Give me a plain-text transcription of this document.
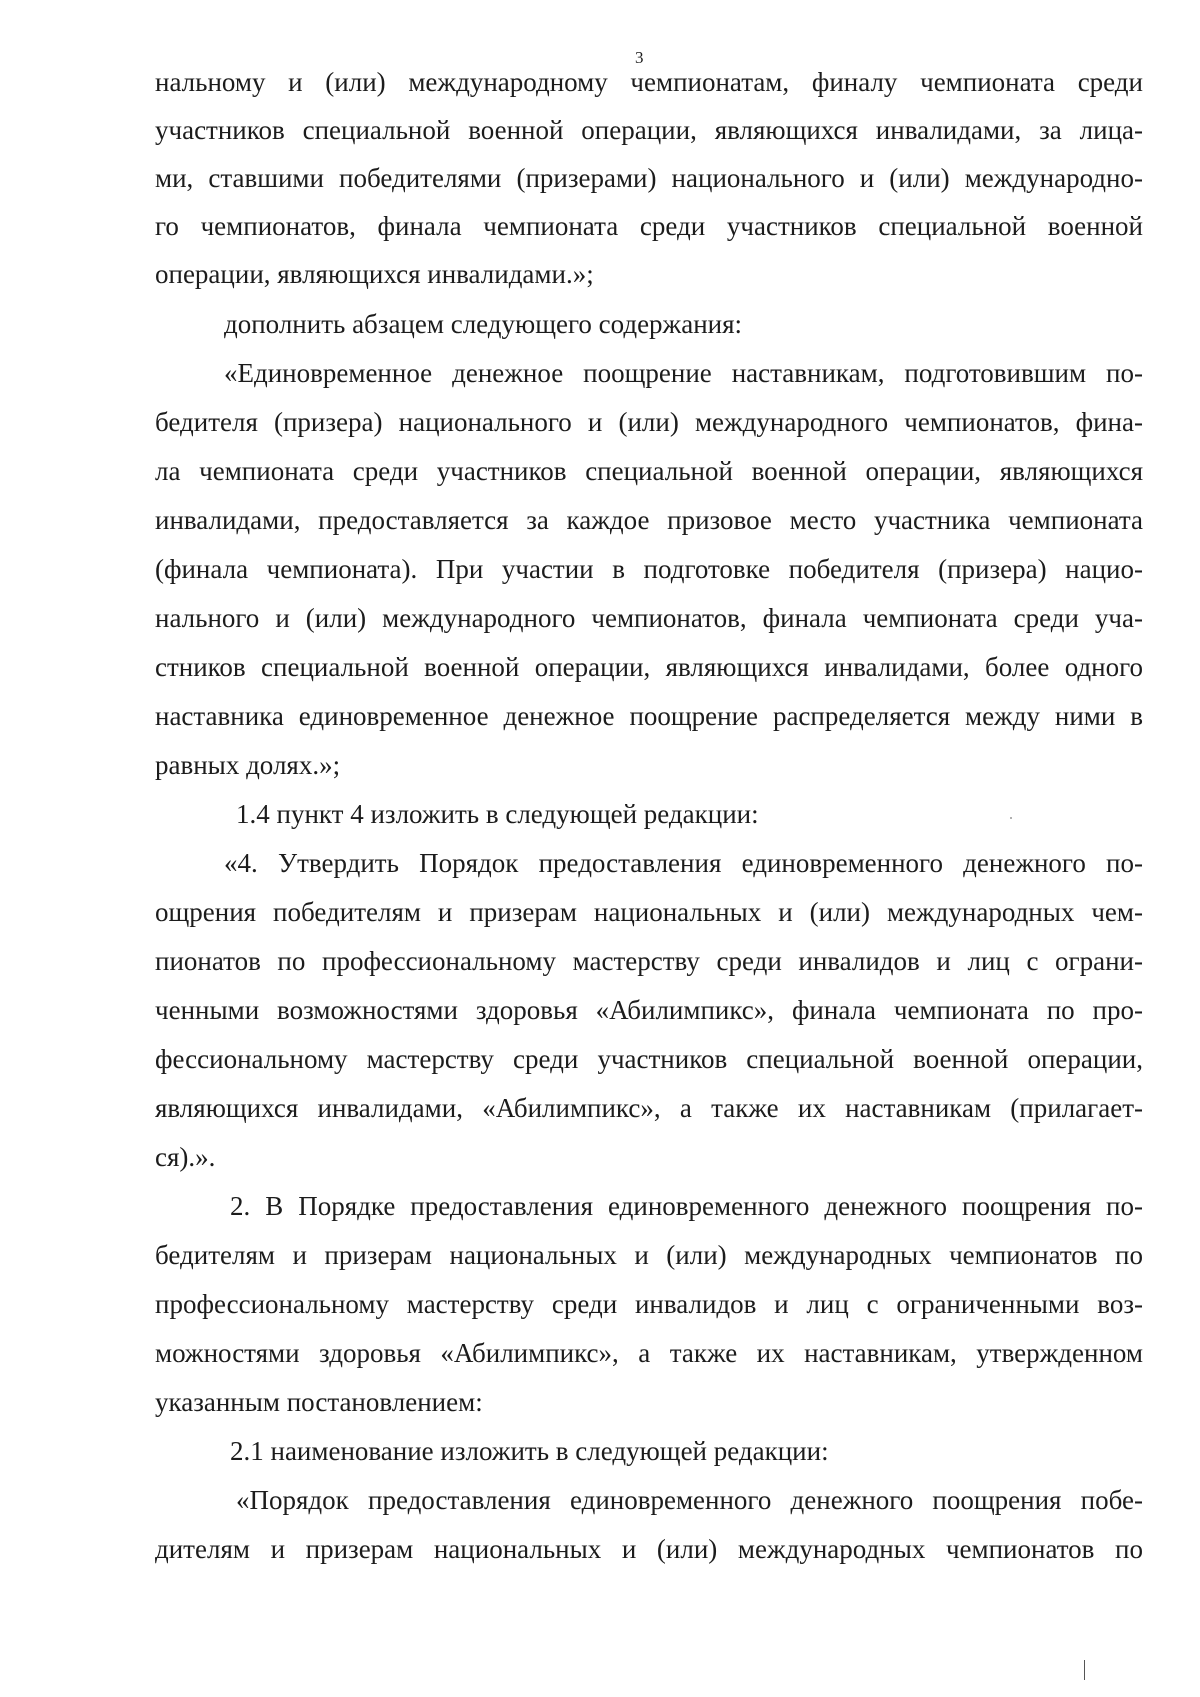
3
нальному и (или) международному чемпионатам, финалу чемпионата среди
участников специальной военной операции, являющихся инвалидами, за лица-
ми, ставшими победителями (призерами) национального и (или) международно-
го чемпионатов, финала чемпионата среди участников специальной военной
операции, являющихся инвалидами.»;
дополнить абзацем следующего содержания:
«Единовременное денежное поощрение наставникам, подготовившим по-
бедителя (призера) национального и (или) международного чемпионатов, фина-
ла чемпионата среди участников специальной военной операции, являющихся
инвалидами, предоставляется за каждое призовое место участника чемпионата
(финала чемпионата). При участии в подготовке победителя (призера) нацио-
нального и (или) международного чемпионатов, финала чемпионата среди уча-
стников специальной военной операции, являющихся инвалидами, более одного
наставника единовременное денежное поощрение распределяется между ними в
равных долях.»;
1.4 пункт 4 изложить в следующей редакции:
«4. Утвердить Порядок предоставления единовременного денежного по-
ощрения победителям и призерам национальных и (или) международных чем-
пионатов по профессиональному мастерству среди инвалидов и лиц с ограни-
ченными возможностями здоровья «Абилимпикс», финала чемпионата по про-
фессиональному мастерству среди участников специальной военной операции,
являющихся инвалидами, «Абилимпикс», а также их наставникам (прилагает-
ся).».
2. В Порядке предоставления единовременного денежного поощрения по-
бедителям и призерам национальных и (или) международных чемпионатов по
профессиональному мастерству среди инвалидов и лиц с ограниченными воз-
можностями здоровья «Абилимпикс», а также их наставникам, утвержденном
указанным постановлением:
2.1 наименование изложить в следующей редакции:
«Порядок предоставления единовременного денежного поощрения побе-
дителям и призерам национальных и (или) международных чемпионатов по
